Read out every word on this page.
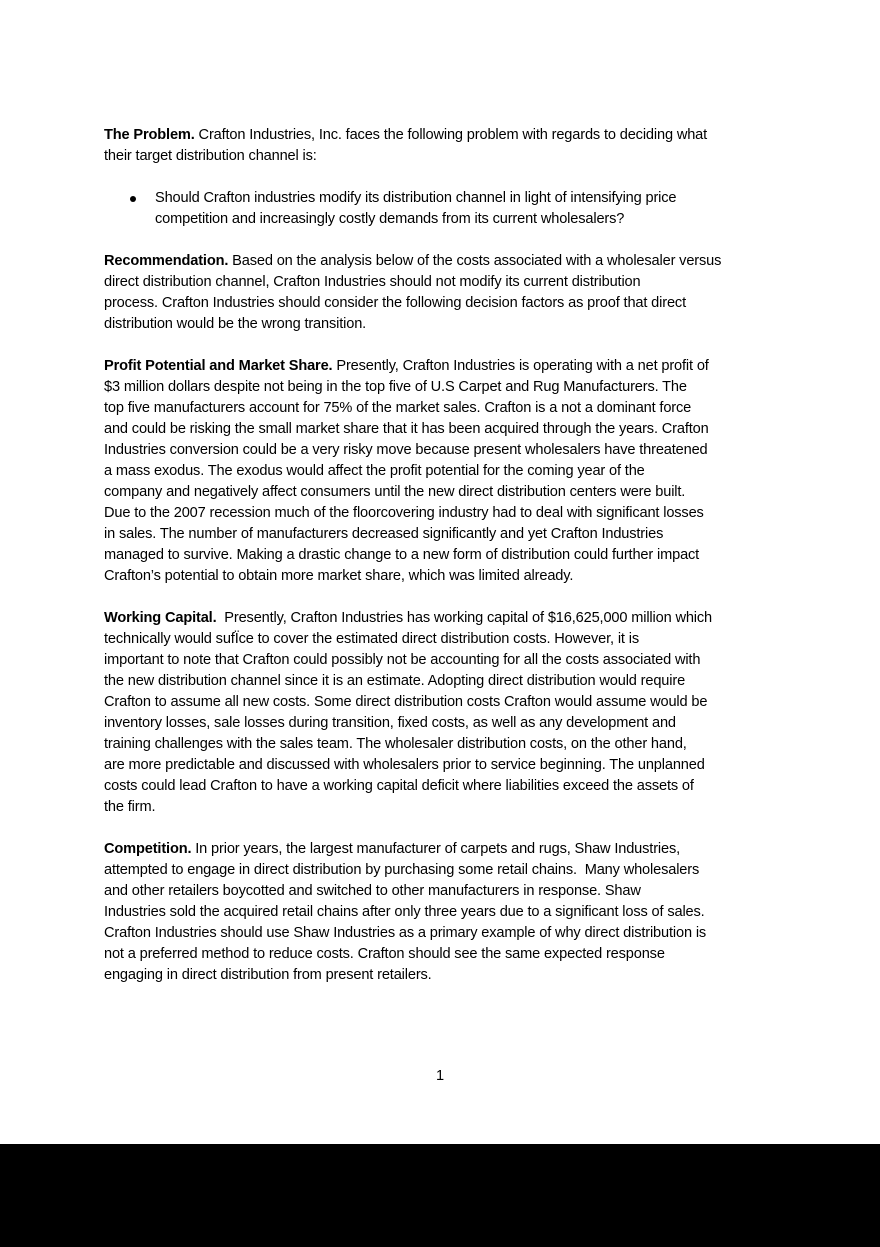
The Problem. Crafton Industries, Inc. faces the following problem with regards to deciding what
their target distribution channel is:
Should Crafton industries modify its distribution channel in light of intensifying price
competition and increasingly costly demands from its current wholesalers?
Recommendation. Based on the analysis below of the costs associated with a wholesaler versus
direct distribution channel, Crafton Industries should not modify its current distribution
process. Crafton Industries should consider the following decision factors as proof that direct
distribution would be the wrong transition.
Profit Potential and Market Share. Presently, Crafton Industries is operating with a net profit of
$3 million dollars despite not being in the top five of U.S Carpet and Rug Manufacturers. The
top five manufacturers account for 75% of the market sales. Crafton is a not a dominant force
and could be risking the small market share that it has been acquired through the years. Crafton
Industries conversion could be a very risky move because present wholesalers have threatened
a mass exodus. The exodus would affect the profit potential for the coming year of the
company and negatively affect consumers until the new direct distribution centers were built.
Due to the 2007 recession much of the floorcovering industry had to deal with significant losses
in sales. The number of manufacturers decreased significantly and yet Crafton Industries
managed to survive. Making a drastic change to a new form of distribution could further impact
Crafton’s potential to obtain more market share, which was limited already.
Working Capital.  Presently, Crafton Industries has working capital of $16,625,000 million which
technically would sufÏce to cover the estimated direct distribution costs. However, it is
important to note that Crafton could possibly not be accounting for all the costs associated with
the new distribution channel since it is an estimate. Adopting direct distribution would require
Crafton to assume all new costs. Some direct distribution costs Crafton would assume would be
inventory losses, sale losses during transition, fixed costs, as well as any development and
training challenges with the sales team. The wholesaler distribution costs, on the other hand,
are more predictable and discussed with wholesalers prior to service beginning. The unplanned
costs could lead Crafton to have a working capital deficit where liabilities exceed the assets of
the firm.
Competition. In prior years, the largest manufacturer of carpets and rugs, Shaw Industries,
attempted to engage in direct distribution by purchasing some retail chains.  Many wholesalers
and other retailers boycotted and switched to other manufacturers in response. Shaw
Industries sold the acquired retail chains after only three years due to a significant loss of sales.
Crafton Industries should use Shaw Industries as a primary example of why direct distribution is
not a preferred method to reduce costs. Crafton should see the same expected response
engaging in direct distribution from present retailers.
1
